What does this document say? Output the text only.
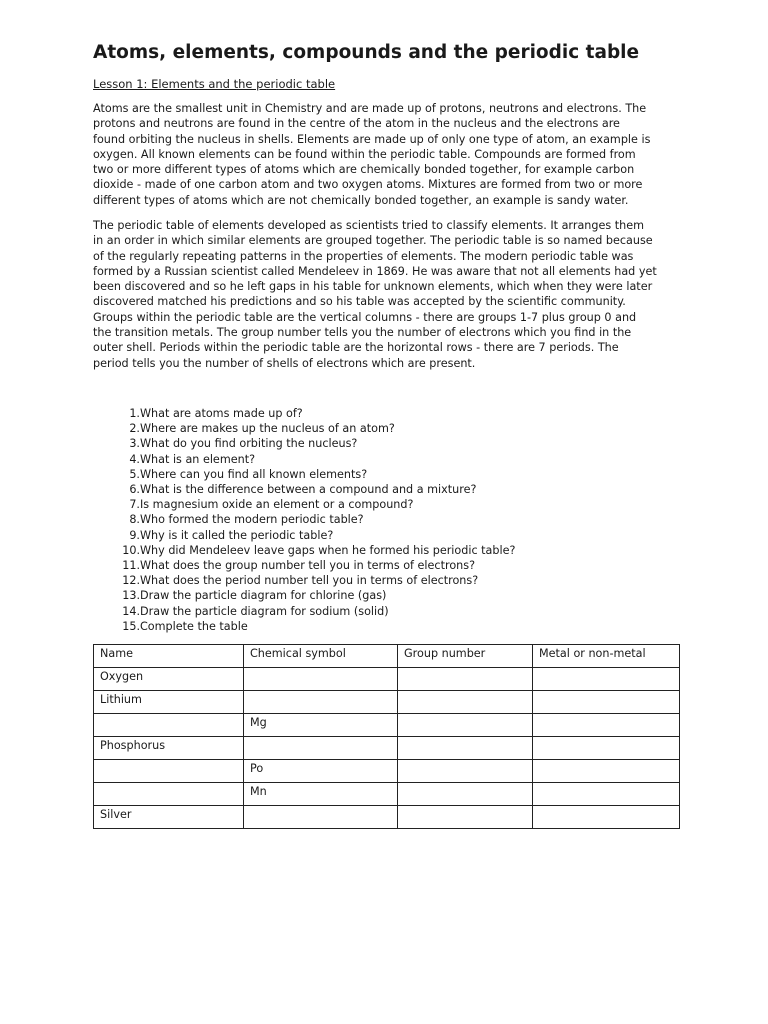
Atoms, elements, compounds and the periodic table
Lesson 1: Elements and the periodic table

Atoms are the smallest unit in Chemistry and are made up of protons, neutrons and electrons. The
protons and neutrons are found in the centre of the atom in the nucleus and the electrons are
found orbiting the nucleus in shells. Elements are made up of only one type of atom, an example is
oxygen. All known elements can be found within the periodic table. Compounds are formed from
two or more different types of atoms which are chemically bonded together, for example carbon
dioxide - made of one carbon atom and two oxygen atoms. Mixtures are formed from two or more
different types of atoms which are not chemically bonded together, an example is sandy water.

The periodic table of elements developed as scientists tried to classify elements. It arranges them
in an order in which similar elements are grouped together. The periodic table is so named because
of the regularly repeating patterns in the properties of elements. The modern periodic table was
formed by a Russian scientist called Mendeleev in 1869. He was aware that not all elements had yet
been discovered and so he left gaps in his table for unknown elements, which when they were later
discovered matched his predictions and so his table was accepted by the scientific community.
Groups within the periodic table are the vertical columns - there are groups 1-7 plus group 0 and
the transition metals. The group number tells you the number of electrons which you find in the
outer shell. Periods within the periodic table are the horizontal rows - there are 7 periods. The
period tells you the number of shells of electrons which are present.

1. What are atoms made up of?
2. Where are makes up the nucleus of an atom?
3. What do you find orbiting the nucleus?
4. What is an element?
5. Where can you find all known elements?
6. What is the difference between a compound and a mixture?
7. Is magnesium oxide an element or a compound?
8. Who formed the modern periodic table?
9. Why is it called the periodic table?
10. Why did Mendeleev leave gaps when he formed his periodic table?
11. What does the group number tell you in terms of electrons?
12. What does the period number tell you in terms of electrons?
13. Draw the particle diagram for chlorine (gas)
14. Draw the particle diagram for sodium (solid)
15. Complete the table
Name	Chemical symbol	Group number	Metal or non-metal
Oxygen			
Lithium			
	Mg		
Phosphorus			
	Po		
	Mn		
Silver			
